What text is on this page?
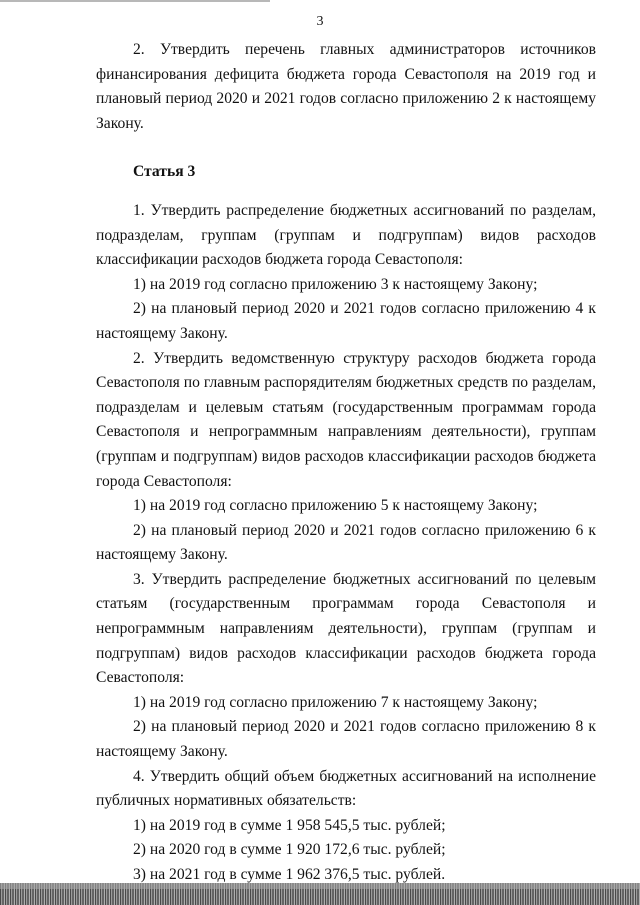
3

2. Утвердить перечень главных администраторов источников финансирования дефицита бюджета города Севастополя на 2019 год и плановый период 2020 и 2021 годов согласно приложению 2 к настоящему Закону.

Статья 3

1. Утвердить распределение бюджетных ассигнований по разделам, подразделам, группам (группам и подгруппам) видов расходов классификации расходов бюджета города Севастополя:

1) на 2019 год согласно приложению 3 к настоящему Закону;

2) на плановый период 2020 и 2021 годов согласно приложению 4 к настоящему Закону.

2. Утвердить ведомственную структуру расходов бюджета города Севастополя по главным распорядителям бюджетных средств по разделам, подразделам и целевым статьям (государственным программам города Севастополя и непрограммным направлениям деятельности), группам (группам и подгруппам) видов расходов классификации расходов бюджета города Севастополя:

1) на 2019 год согласно приложению 5 к настоящему Закону;

2) на плановый период 2020 и 2021 годов согласно приложению 6 к настоящему Закону.

3. Утвердить распределение бюджетных ассигнований по целевым статьям (государственным программам города Севастополя и непрограммным направлениям деятельности), группам (группам и подгруппам) видов расходов классификации расходов бюджета города Севастополя:

1) на 2019 год согласно приложению 7 к настоящему Закону;

2) на плановый период 2020 и 2021 годов согласно приложению 8 к настоящему Закону.

4. Утвердить общий объем бюджетных ассигнований на исполнение публичных нормативных обязательств:

1) на 2019 год в сумме 1 958 545,5 тыс. рублей;

2) на 2020 год в сумме 1 920 172,6 тыс. рублей;

3) на 2021 год в сумме 1 962 376,5 тыс. рублей.
